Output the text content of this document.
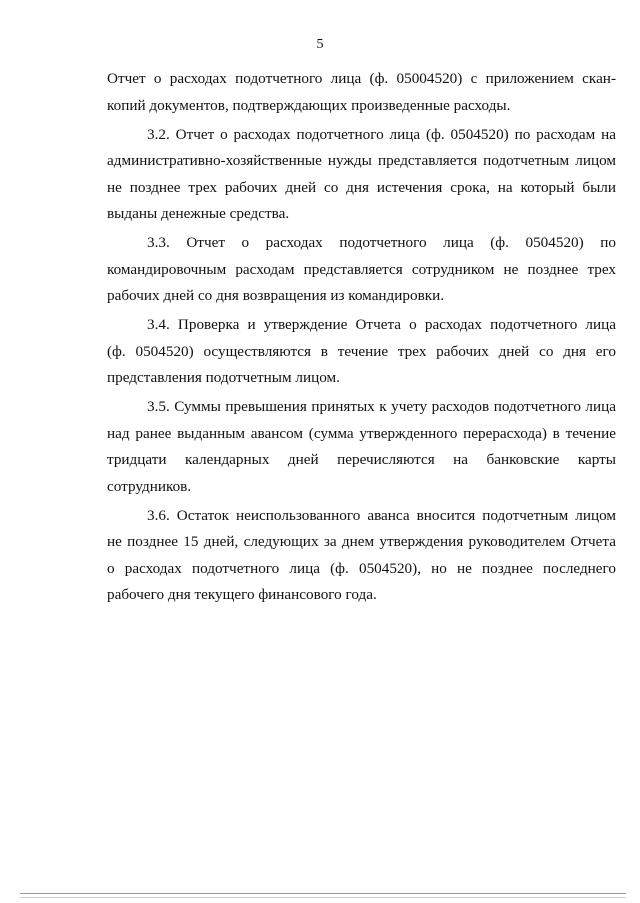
5
Отчет о расходах подотчетного лица (ф. 05004520) с приложением скан-
копий документов, подтверждающих произведенные расходы.
3.2. Отчет о расходах подотчетного лица (ф. 0504520) по расходам на
административно-хозяйственные нужды представляется подотчетным лицом
не позднее трех рабочих дней со дня истечения срока, на который были
выданы денежные средства.
3.3. Отчет о расходах подотчетного лица (ф. 0504520) по
командировочным расходам представляется сотрудником не позднее трех
рабочих дней со дня возвращения из командировки.
3.4. Проверка и утверждение Отчета о расходах подотчетного лица
(ф. 0504520) осуществляются в течение трех рабочих дней со дня его
представления подотчетным лицом.
3.5. Суммы превышения принятых к учету расходов подотчетного лица
над ранее выданным авансом (сумма утвержденного перерасхода) в течение
тридцати календарных дней перечисляются на банковские карты
сотрудников.
3.6. Остаток неиспользованного аванса вносится подотчетным лицом
не позднее 15 дней, следующих за днем утверждения руководителем Отчета
о расходах подотчетного лица (ф. 0504520), но не позднее последнего
рабочего дня текущего финансового года.
